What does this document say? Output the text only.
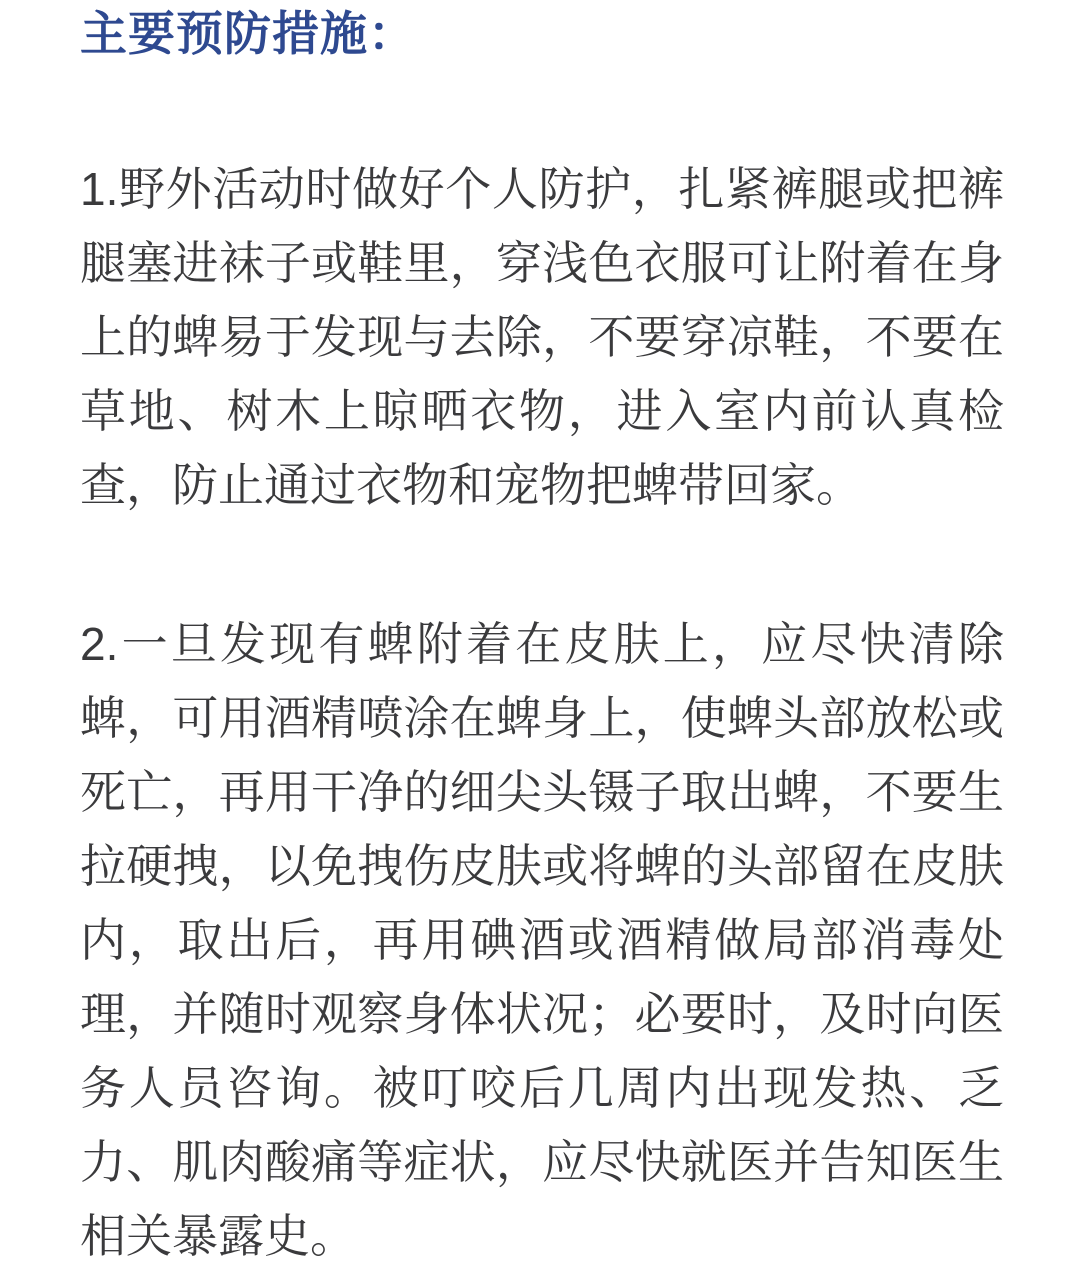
主要预防措施：

1.野外活动时做好个人防护，扎紧裤腿或把裤腿塞进袜子或鞋里，穿浅色衣服可让附着在身上的蜱易于发现与去除，不要穿凉鞋，不要在草地、树木上晾晒衣物，进入室内前认真检查，防止通过衣物和宠物把蜱带回家。

2.一旦发现有蜱附着在皮肤上，应尽快清除蜱，可用酒精喷涂在蜱身上，使蜱头部放松或死亡，再用干净的细尖头镊子取出蜱，不要生拉硬拽，以免拽伤皮肤或将蜱的头部留在皮肤内，取出后，再用碘酒或酒精做局部消毒处理，并随时观察身体状况；必要时，及时向医务人员咨询。被叮咬后几周内出现发热、乏力、肌肉酸痛等症状，应尽快就医并告知医生相关暴露史。
